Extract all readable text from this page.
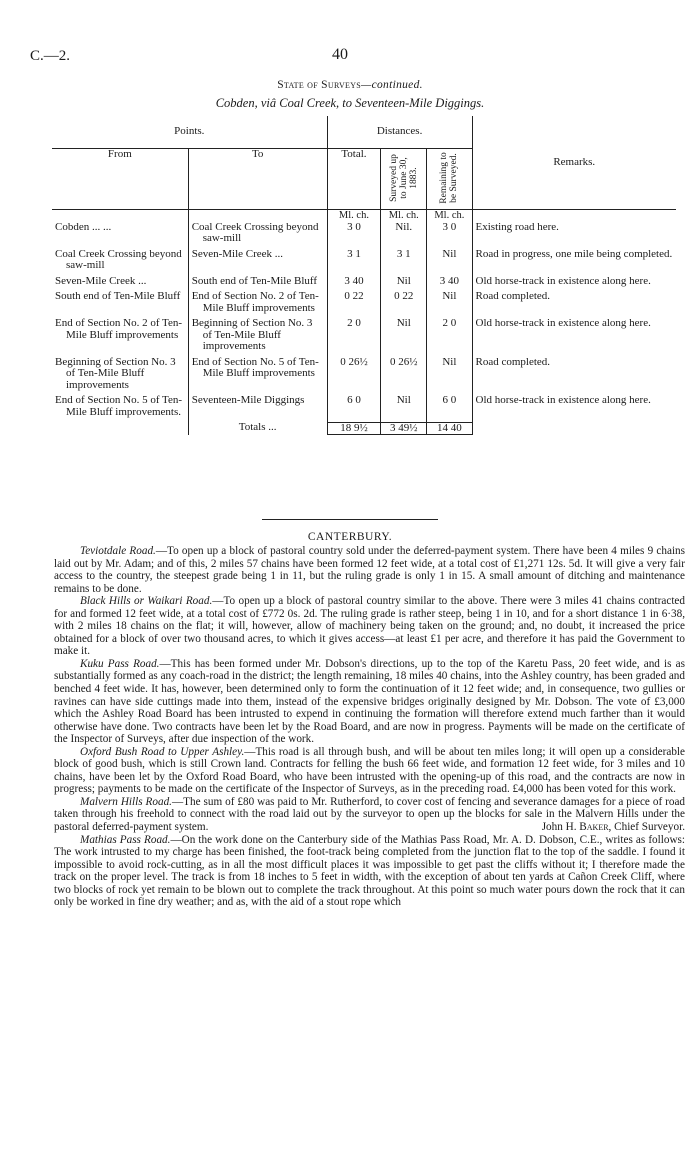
C.—2.	40
State of Surveys—continued.
Cobden, viâ Coal Creek, to Seventeen-Mile Diggings.
Points.		Distances.			Remarks.
From	To	Total.	Surveyed up to June 30, 1883.	Remaining to be Surveyed.	

		Ml. ch.	Ml. ch.	Ml. ch.	
Cobden ... ...	Coal Creek Crossing beyond saw-mill	3 0	Nil.	3 0	Existing road here.
Coal Creek Crossing beyond saw-mill	Seven-Mile Creek ...	3 1	3 1	Nil	Road in progress, one mile being completed.
Seven-Mile Creek ...	South end of Ten-Mile Bluff	3 40	Nil	3 40	Old horse-track in existence along here.
South end of Ten-Mile Bluff	End of Section No. 2 of Ten-Mile Bluff improvements	0 22	0 22	Nil	Road completed.
End of Section No. 2 of Ten-Mile Bluff improvements	Beginning of Section No. 3 of Ten-Mile Bluff improvements	2 0	Nil	2 0	Old horse-track in existence along here.
Beginning of Section No. 3 of Ten-Mile Bluff improvements	End of Section No. 5 of Ten-Mile Bluff improvements	0 26½	0 26½	Nil	Road completed.
End of Section No. 5 of Ten-Mile Bluff improvements.	Seventeen-Mile Diggings	6 0	Nil	6 0	Old horse-track in existence along here.
	Totals ...	18 9½	3 49½	14 40	
CANTERBURY.

Teviotdale Road.—To open up a block of pastoral country sold under the deferred-payment system. There have been 4 miles 9 chains laid out by Mr. Adam; and of this, 2 miles 57 chains have been formed 12 feet wide, at a total cost of £1,271 12s. 5d. It will give a very fair access to the country, the steepest grade being 1 in 11, but the ruling grade is only 1 in 15. A small amount of ditching and maintenance remains to be done.

Black Hills or Waikari Road.—To open up a block of pastoral country similar to the above. There were 3 miles 41 chains contracted for and formed 12 feet wide, at a total cost of £772 0s. 2d. The ruling grade is rather steep, being 1 in 10, and for a short distance 1 in 6·38, with 2 miles 18 chains on the flat; it will, however, allow of machinery being taken on the ground; and, no doubt, it increased the price obtained for a block of over two thousand acres, to which it gives access—at least £1 per acre, and therefore it has paid the Government to make it.

Kuku Pass Road.—This has been formed under Mr. Dobson's directions, up to the top of the Karetu Pass, 20 feet wide, and is as substantially formed as any coach-road in the district; the length remaining, 18 miles 40 chains, into the Ashley country, has been graded and benched 4 feet wide. It has, however, been determined only to form the continuation of it 12 feet wide; and, in consequence, two gullies or ravines can have side cuttings made into them, instead of the expensive bridges originally designed by Mr. Dobson. The vote of £3,000 which the Ashley Road Board has been intrusted to expend in continuing the formation will therefore extend much farther than it would otherwise have done. Two contracts have been let by the Road Board, and are now in progress. Payments will be made on the certificate of the Inspector of Surveys, after due inspection of the work.

Oxford Bush Road to Upper Ashley.—This road is all through bush, and will be about ten miles long; it will open up a considerable block of good bush, which is still Crown land. Contracts for felling the bush 66 feet wide, and formation 12 feet wide, for 3 miles and 10 chains, have been let by the Oxford Road Board, who have been intrusted with the opening-up of this road, and the contracts are now in progress; payments to be made on the certificate of the Inspector of Surveys, as in the preceding road. £4,000 has been voted for this work.

Malvern Hills Road.—The sum of £80 was paid to Mr. Rutherford, to cover cost of fencing and severance damages for a piece of road taken through his freehold to connect with the road laid out by the surveyor to open up the blocks for sale in the Malvern Hills under the pastoral deferred-payment system.	John H. Baker, Chief Surveyor.

Mathias Pass Road.—On the work done on the Canterbury side of the Mathias Pass Road, Mr. A. D. Dobson, C.E., writes as follows: The work intrusted to my charge has been finished, the foot-track being completed from the junction flat to the top of the saddle. I found it impossible to avoid rock-cutting, as in all the most difficult places it was impossible to get past the cliffs without it; I therefore made the track on the proper level. The track is from 18 inches to 5 feet in width, with the exception of about ten yards at Cañon Creek Cliff, where two blocks of rock yet remain to be blown out to complete the track throughout. At this point so much water pours down the rock that it can only be worked in fine dry weather; and as, with the aid of a stout rope which
